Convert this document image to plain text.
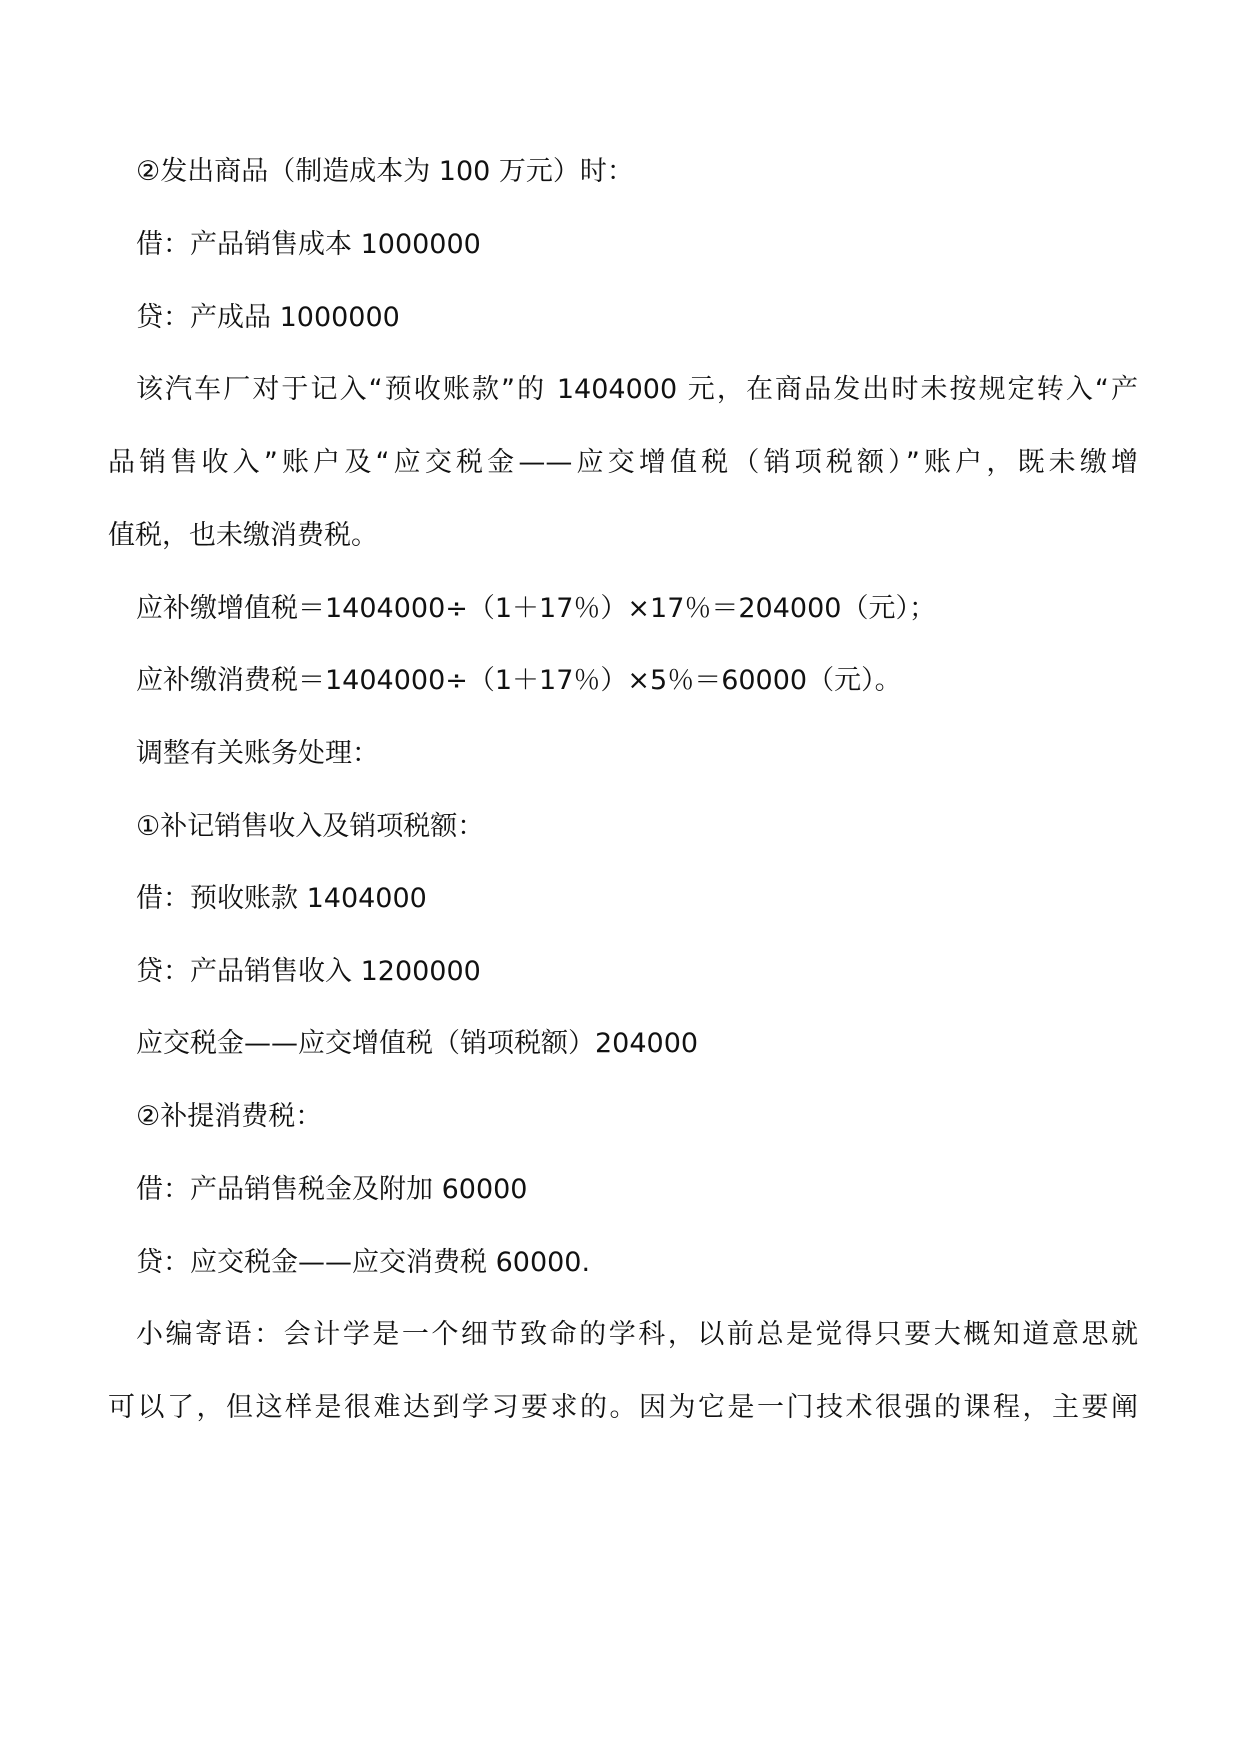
②发出商品（制造成本为 100 万元）时：
借：产品销售成本 1000000
贷：产成品 1000000
该汽车厂对于记入“预收账款”的 1404000 元，在商品发出时未按规定转入“产
品销售收入”账户及“应交税金——应交增值税（销项税额）”账户，既未缴增
值税，也未缴消费税。
应补缴增值税＝1404000÷（1＋17％）×17％＝204000（元）；
应补缴消费税＝1404000÷（1＋17％）×5％＝60000（元）。
调整有关账务处理：
①补记销售收入及销项税额：
借：预收账款 1404000
贷：产品销售收入 1200000
应交税金——应交增值税（销项税额）204000
②补提消费税：
借：产品销售税金及附加 60000
贷：应交税金——应交消费税 60000.
小编寄语：会计学是一个细节致命的学科，以前总是觉得只要大概知道意思就
可以了，但这样是很难达到学习要求的。因为它是一门技术很强的课程，主要阐
